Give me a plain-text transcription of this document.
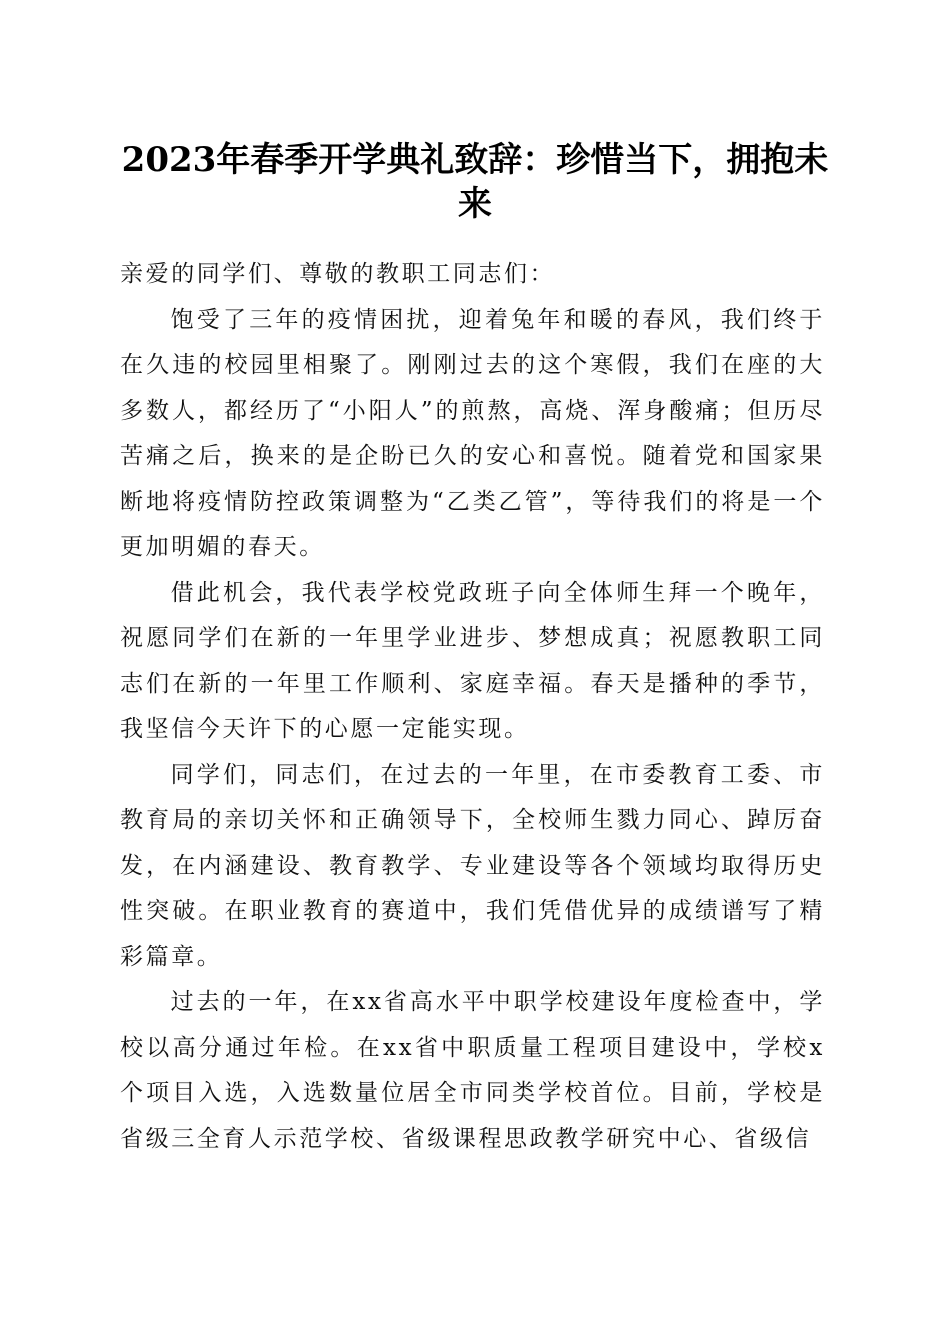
2023年春季开学典礼致辞：珍惜当下，拥抱未来

亲爱的同学们、尊敬的教职工同志们：

饱受了三年的疫情困扰，迎着兔年和暖的春风，我们终于在久违的校园里相聚了。刚刚过去的这个寒假，我们在座的大多数人，都经历了“小阳人”的煎熬，高烧、浑身酸痛；但历尽苦痛之后，换来的是企盼已久的安心和喜悦。随着党和国家果断地将疫情防控政策调整为“乙类乙管”，等待我们的将是一个更加明媚的春天。

借此机会，我代表学校党政班子向全体师生拜一个晚年，祝愿同学们在新的一年里学业进步、梦想成真；祝愿教职工同志们在新的一年里工作顺利、家庭幸福。春天是播种的季节，我坚信今天许下的心愿一定能实现。

同学们，同志们，在过去的一年里，在市委教育工委、市教育局的亲切关怀和正确领导下，全校师生戮力同心、踔厉奋发，在内涵建设、教育教学、专业建设等各个领域均取得历史性突破。在职业教育的赛道中，我们凭借优异的成绩谱写了精彩篇章。

过去的一年，在xx省高水平中职学校建设年度检查中，学校以高分通过年检。在xx省中职质量工程项目建设中，学校x个项目入选，入选数量位居全市同类学校首位。目前，学校是省级三全育人示范学校、省级课程思政教学研究中心、省级信
